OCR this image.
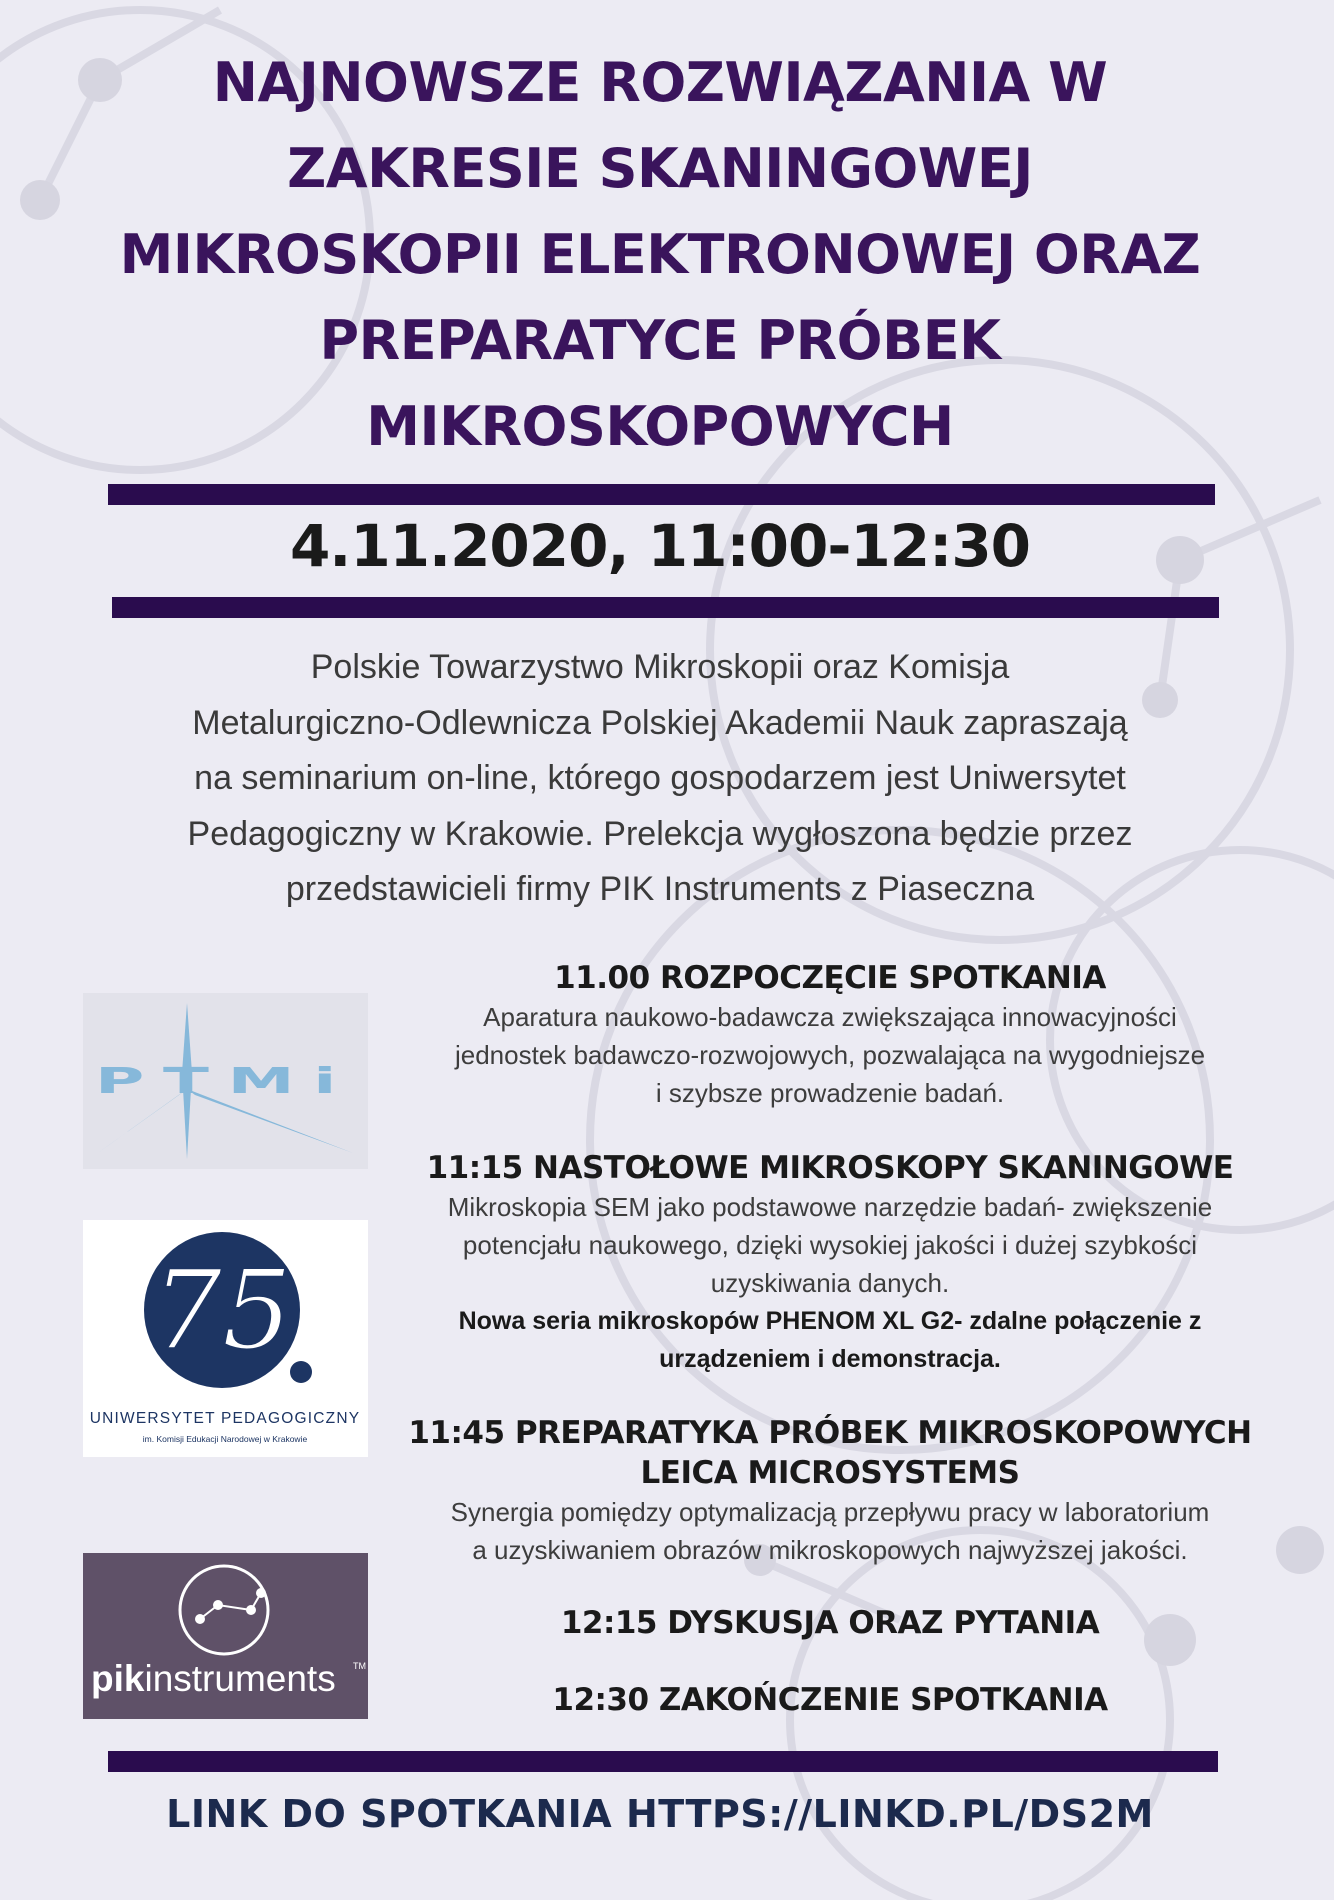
NAJNOWSZE ROZWIĄZANIA W
ZAKRESIE SKANINGOWEJ
MIKROSKOPII ELEKTRONOWEJ ORAZ
PREPARATYCE PRÓBEK
MIKROSKOPOWYCH
4.11.2020, 11:00-12:30
Polskie Towarzystwo Mikroskopii oraz Komisja
Metalurgiczno-Odlewnicza Polskiej Akademii Nauk zapraszają
na seminarium on-line, którego gospodarzem jest Uniwersytet
Pedagogiczny w Krakowie. Prelekcja wygłoszona będzie przez
przedstawicieli firmy PIK Instruments z Piaseczna
PTMi
75
UNIWERSYTET PEDAGOGICZNY
im. Komisji Edukacji Narodowej w Krakowie
pikinstruments TM
11.00 ROZPOCZĘCIE SPOTKANIA
Aparatura naukowo-badawcza zwiększająca innowacyjności
jednostek badawczo-rozwojowych, pozwalająca na wygodniejsze
i szybsze prowadzenie badań.
11:15 NASTOŁOWE MIKROSKOPY SKANINGOWE
Mikroskopia SEM jako podstawowe narzędzie badań- zwiększenie
potencjału naukowego, dzięki wysokiej jakości i dużej szybkości
uzyskiwania danych.
Nowa seria mikroskopów PHENOM XL G2- zdalne połączenie z
urządzeniem i demonstracja.
11:45 PREPARATYKA PRÓBEK MIKROSKOPOWYCH
LEICA MICROSYSTEMS
Synergia pomiędzy optymalizacją przepływu pracy w laboratorium
a uzyskiwaniem obrazów mikroskopowych najwyższej jakości.
12:15 DYSKUSJA ORAZ PYTANIA
12:30 ZAKOŃCZENIE SPOTKANIA
LINK DO SPOTKANIA HTTPS://LINKD.PL/DS2M
